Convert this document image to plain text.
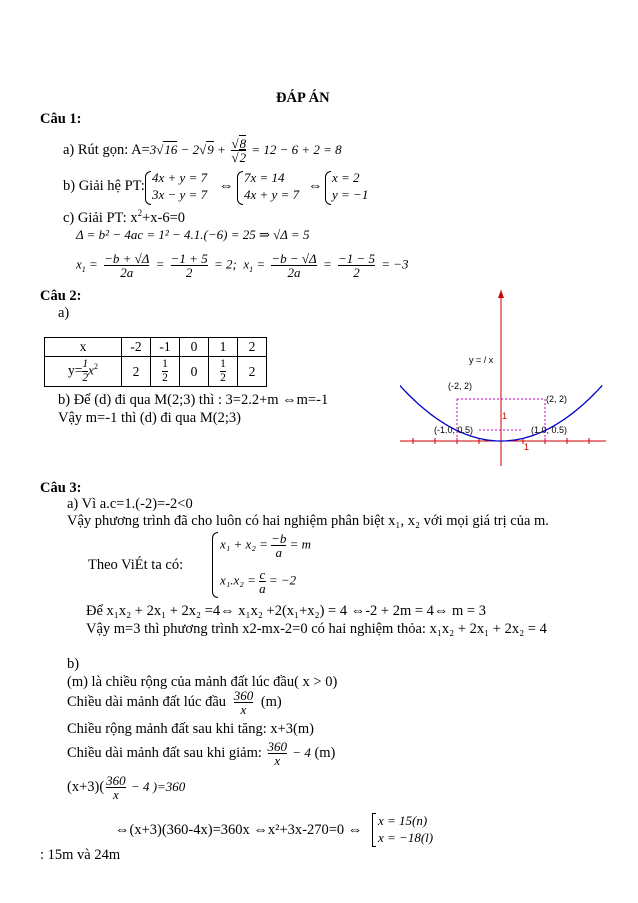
ĐÁP ÁN
Câu 1:
a) Rút gọn: $A=3√16 - 2√9 + \frac{√8}{√2} = 12 - 6 + 2 = 8$
b) Giải hệ PT:
4x + y = 7
3x − y = 7
⇔
7x = 14
4x + y = 7
⇔
x = 2
y = −1
c) Giải PT: $x^2+x-6=0$
Δ = b² − 4ac = 1² − 4.1.(−6) = 25 ⇒ √Δ = 5
$x_1 = \frac{-b + √\Delta}{2a} = \frac{-1 + 5}{2} = 2$; $x_1 = \frac{-b - √\Delta}{2a} = \frac{-1 - 5}{2} = -3$
Câu 2:
a)
x	-2	-1	0	1	2
$y= \frac{1}{2} x^2$	2	$\frac{1}{2}$	0	$\frac{1}{2}$	2
b) Để (d) đi qua M(2;3) thì : 3=2.2+m ⇔m=-1
Vậy m=-1 thì (d) đi qua M(2;3)
y = / x
(-2, 2)
(2, 2)
(-1.0, 0.5)	(1.0, 0.5)
1
1
Câu 3:
a) Vì a.c=1.(-2)=-2<0
Vậy phương trình đã cho luôn có hai nghiệm phân biệt x₁, x₂ với mọi giá trị của m.
Theo ViÉt ta có:
$x_1 + x_2 = \frac{-b}{a} = m$
$x_1.x_2 = \frac{c}{a} = -2$
Để x₁x₂ + 2x₁ + 2x₂ =4⇔ x₁x₂ +2(x₁+x₂) = 4 ⇔-2 + 2m = 4⇔ m = 3
Vậy m=3 thì phương trình x2-mx-2=0 có hai nghiệm thỏa: x₁x₂ + 2x₁ + 2x₂ = 4
b)
(m) là chiều rộng của mảnh đất lúc đầu( x > 0)
Chiều dài mảnh đất lúc đầu $\frac{360}{x} (m)$
Chiều rộng mảnh đất sau khi tăng: x+3(m)
Chiều dài mảnh đất sau khi giảm: $\frac{360}{x} - 4$ (m)
$(x+3)( \frac{360}{x} - 4$ )=360
⇔(x+3)(360-4x)=360x ⇔x²+3x-270=0 ⇔
x = 15(n)
x = −18(l)
: 15m và 24m
